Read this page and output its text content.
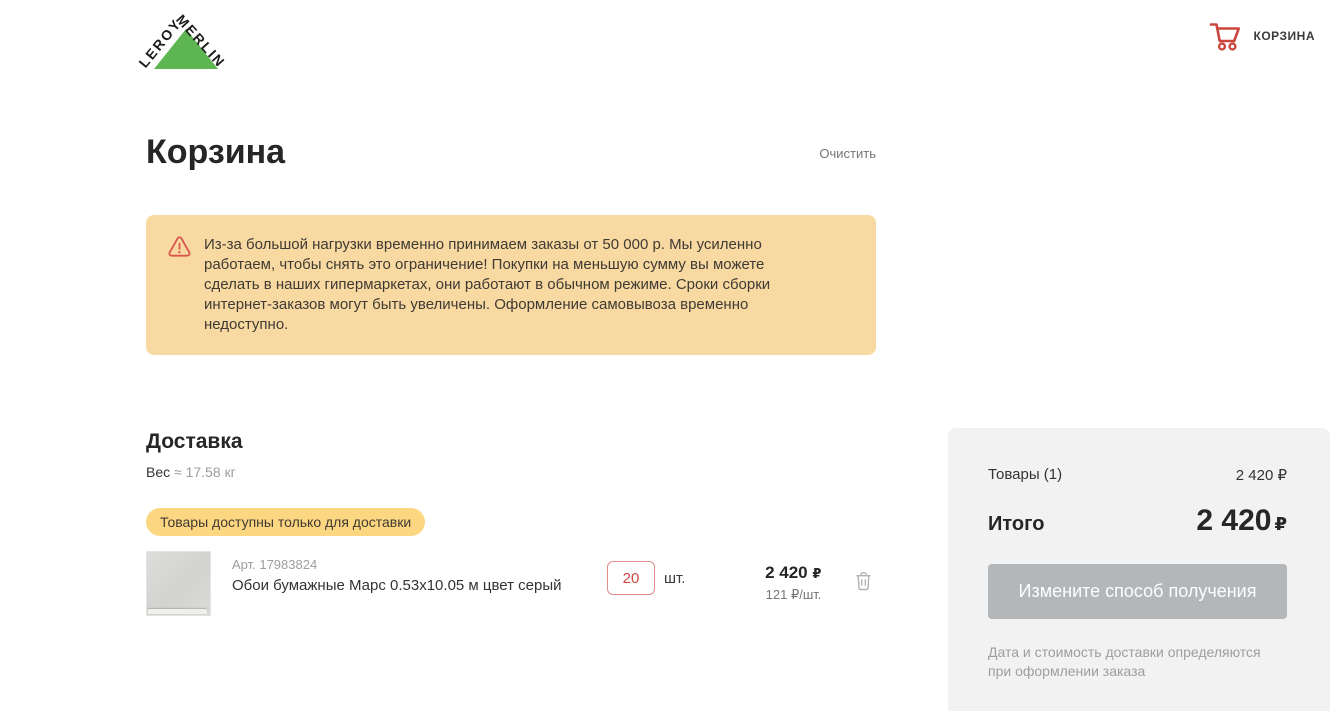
LEROY
MERLIN	КОРЗИНА
Корзина	Очистить
Из-за большой нагрузки временно принимаем заказы от 50 000 р. Мы усиленно работаем, чтобы снять это ограничение! Покупки на меньшую сумму вы можете сделать в наших гипермаркетах, они работают в обычном режиме. Сроки сборки интернет-заказов могут быть увеличены. Оформление самовывоза временно недоступно.
Доставка
Вес ≈ 17.58 кг
Товары доступны только для доставки
Арт. 17983824
Обои бумажные Марс 0.53x10.05 м цвет серый
20	шт.	2 420 ₽
121 ₽/шт.
Товары (1)	2 420 ₽
Итого	2 420 ₽
Измените способ получения
Дата и стоимость доставки определяются при оформлении заказа
